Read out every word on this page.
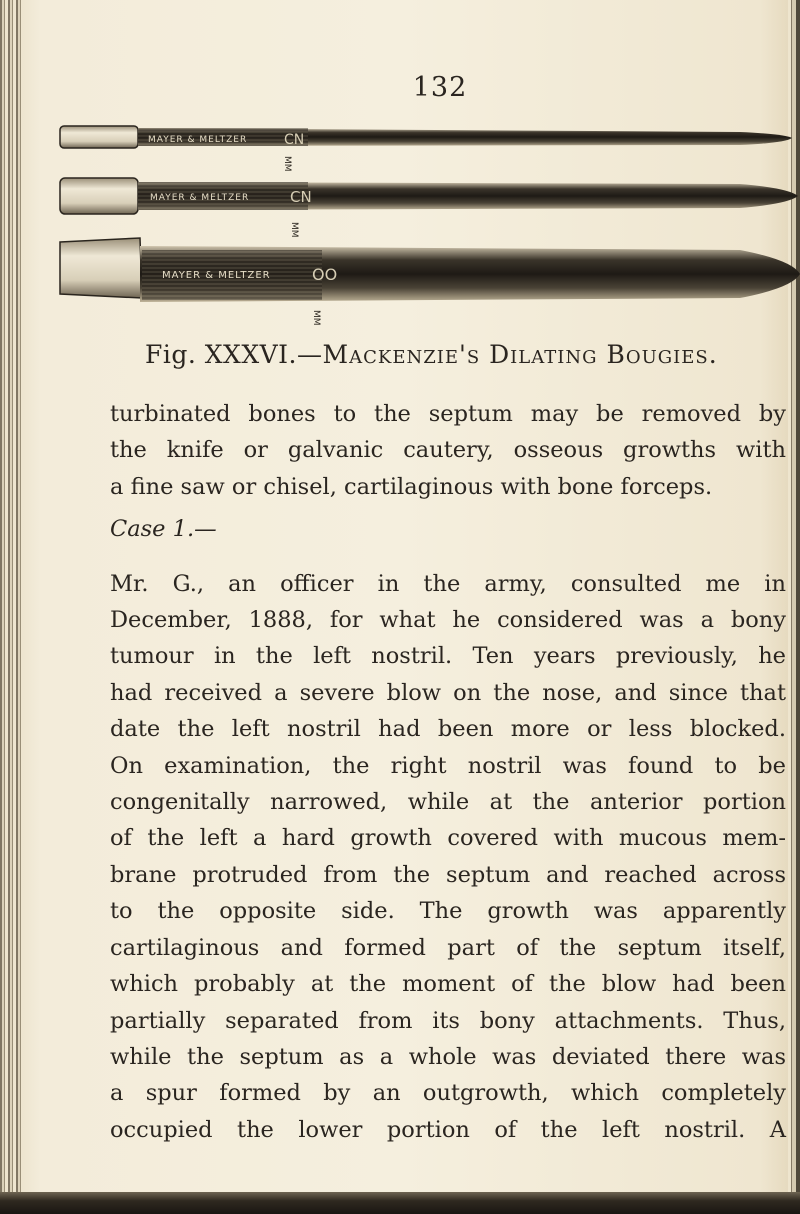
132
MAYER & MELTZER	CN
MM
MAYER & MELTZER	CN
MM
MAYER & MELTZER	OO
MM
Fig. XXXVI.—Mackenzie's Dilating Bougies.

turbinated bones to the septum may be removed by
the knife or galvanic cautery, osseous growths with
a fine saw or chisel, cartilaginous with bone forceps.

Case 1.—

Mr. G., an officer in the army, consulted me in
December, 1888, for what he considered was a bony
tumour in the left nostril. Ten years previously, he
had received a severe blow on the nose, and since that
date the left nostril had been more or less blocked.
On examination, the right nostril was found to be
congenitally narrowed, while at the anterior portion
of the left a hard growth covered with mucous mem-
brane protruded from the septum and reached across
to the opposite side. The growth was apparently
cartilaginous and formed part of the septum itself,
which probably at the moment of the blow had been
partially separated from its bony attachments. Thus,
while the septum as a whole was deviated there was
a spur formed by an outgrowth, which completely
occupied the lower portion of the left nostril. A
